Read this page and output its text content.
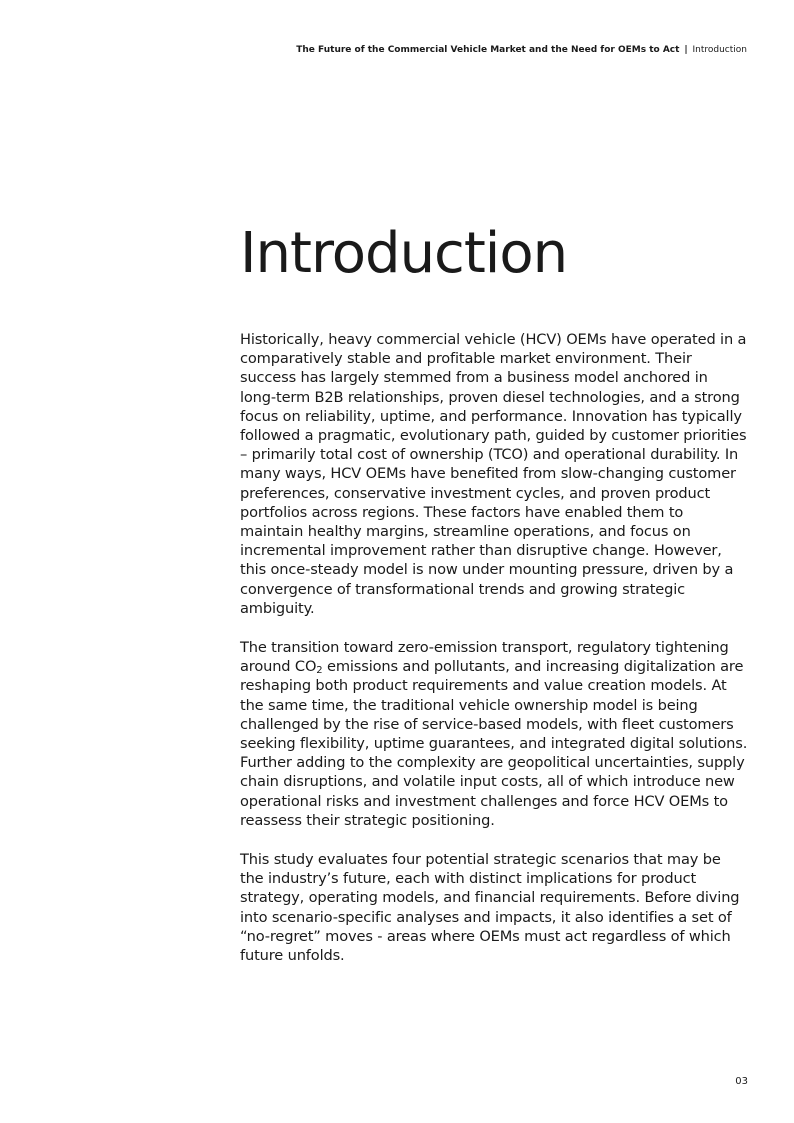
The Future of the Commercial Vehicle Market and the Need for OEMs to Act | Introduction
Introduction

Historically, heavy commercial vehicle (HCV) OEMs have operated in a comparatively stable and profitable market environment. Their success has largely stemmed from a business model anchored in long-term B2B relationships, proven diesel technologies, and a strong focus on reliability, uptime, and performance. Innovation has typically followed a pragmatic, evolutionary path, guided by customer priorities – primarily total cost of ownership (TCO) and operational durability. In many ways, HCV OEMs have benefited from slow-changing customer preferences, conservative investment cycles, and proven product portfolios across regions. These factors have enabled them to maintain healthy margins, streamline operations, and focus on incremental improvement rather than disruptive change. However, this once-steady model is now under mounting pressure, driven by a convergence of transformational trends and growing strategic ambiguity.

The transition toward zero-emission transport, regulatory tightening around $CO_2$ emissions and pollutants, and increasing digitalization are reshaping both product requirements and value creation models. At the same time, the traditional vehicle ownership model is being challenged by the rise of service-based models, with fleet customers seeking flexibility, uptime guarantees, and integrated digital solutions. Further adding to the complexity are geopolitical uncertainties, supply chain disruptions, and volatile input costs, all of which introduce new operational risks and investment challenges and force HCV OEMs to reassess their strategic positioning.

This study evaluates four potential strategic scenarios that may be the industry’s future, each with distinct implications for product strategy, operating models, and financial requirements. Before diving into scenario-specific analyses and impacts, it also identifies a set of “no-regret” moves - areas where OEMs must act regardless of which future unfolds.

03
